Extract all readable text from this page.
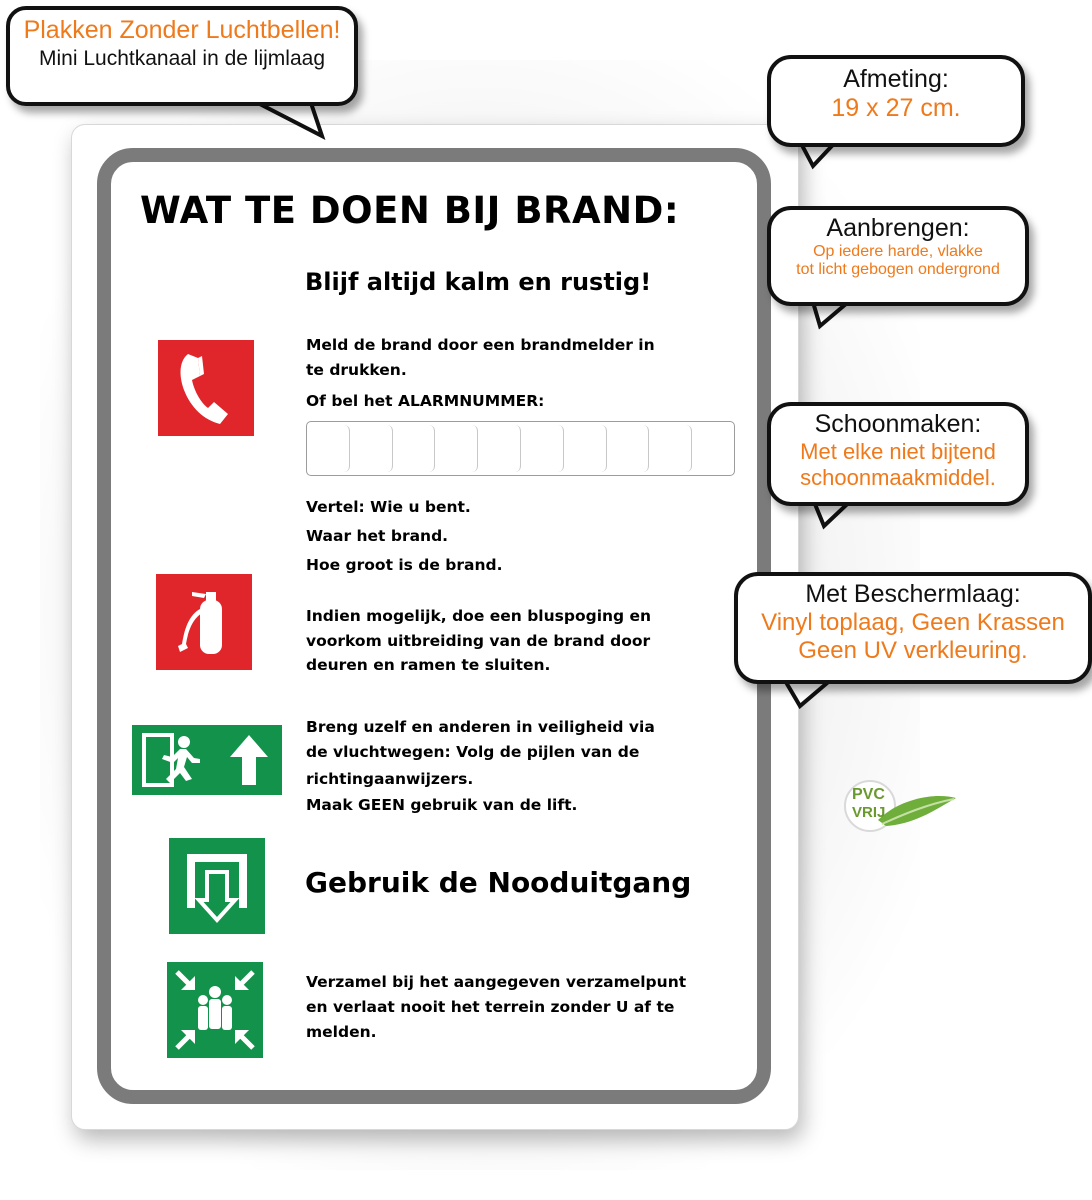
WAT TE DOEN BIJ BRAND:
Blijf altijd kalm en rustig!
Meld de brand door een brandmelder in
te drukken.
Of bel het ALARMNUMMER:
Vertel: Wie u bent.
Waar het brand.
Hoe groot is de brand.
Indien mogelijk, doe een bluspoging en
voorkom uitbreiding van de brand door
deuren en ramen te sluiten.
Breng uzelf en anderen in veiligheid via
de vluchtwegen: Volg de pijlen van de
richtingaanwijzers.
Maak GEEN gebruik van de lift.
Gebruik de Nooduitgang
Verzamel bij het aangegeven verzamelpunt
en verlaat nooit het terrein zonder U af te
melden.
Plakken Zonder Luchtbellen!
Mini Luchtkanaal in de lijmlaag
Afmeting:
19 x 27 cm.
Aanbrengen:
Op iedere harde, vlakke
tot licht gebogen ondergrond
Schoonmaken:
Met elke niet bijtend
schoonmaakmiddel.
Met Beschermlaag:
Vinyl toplaag, Geen Krassen
Geen UV verkleuring.
PVC
VRIJ
